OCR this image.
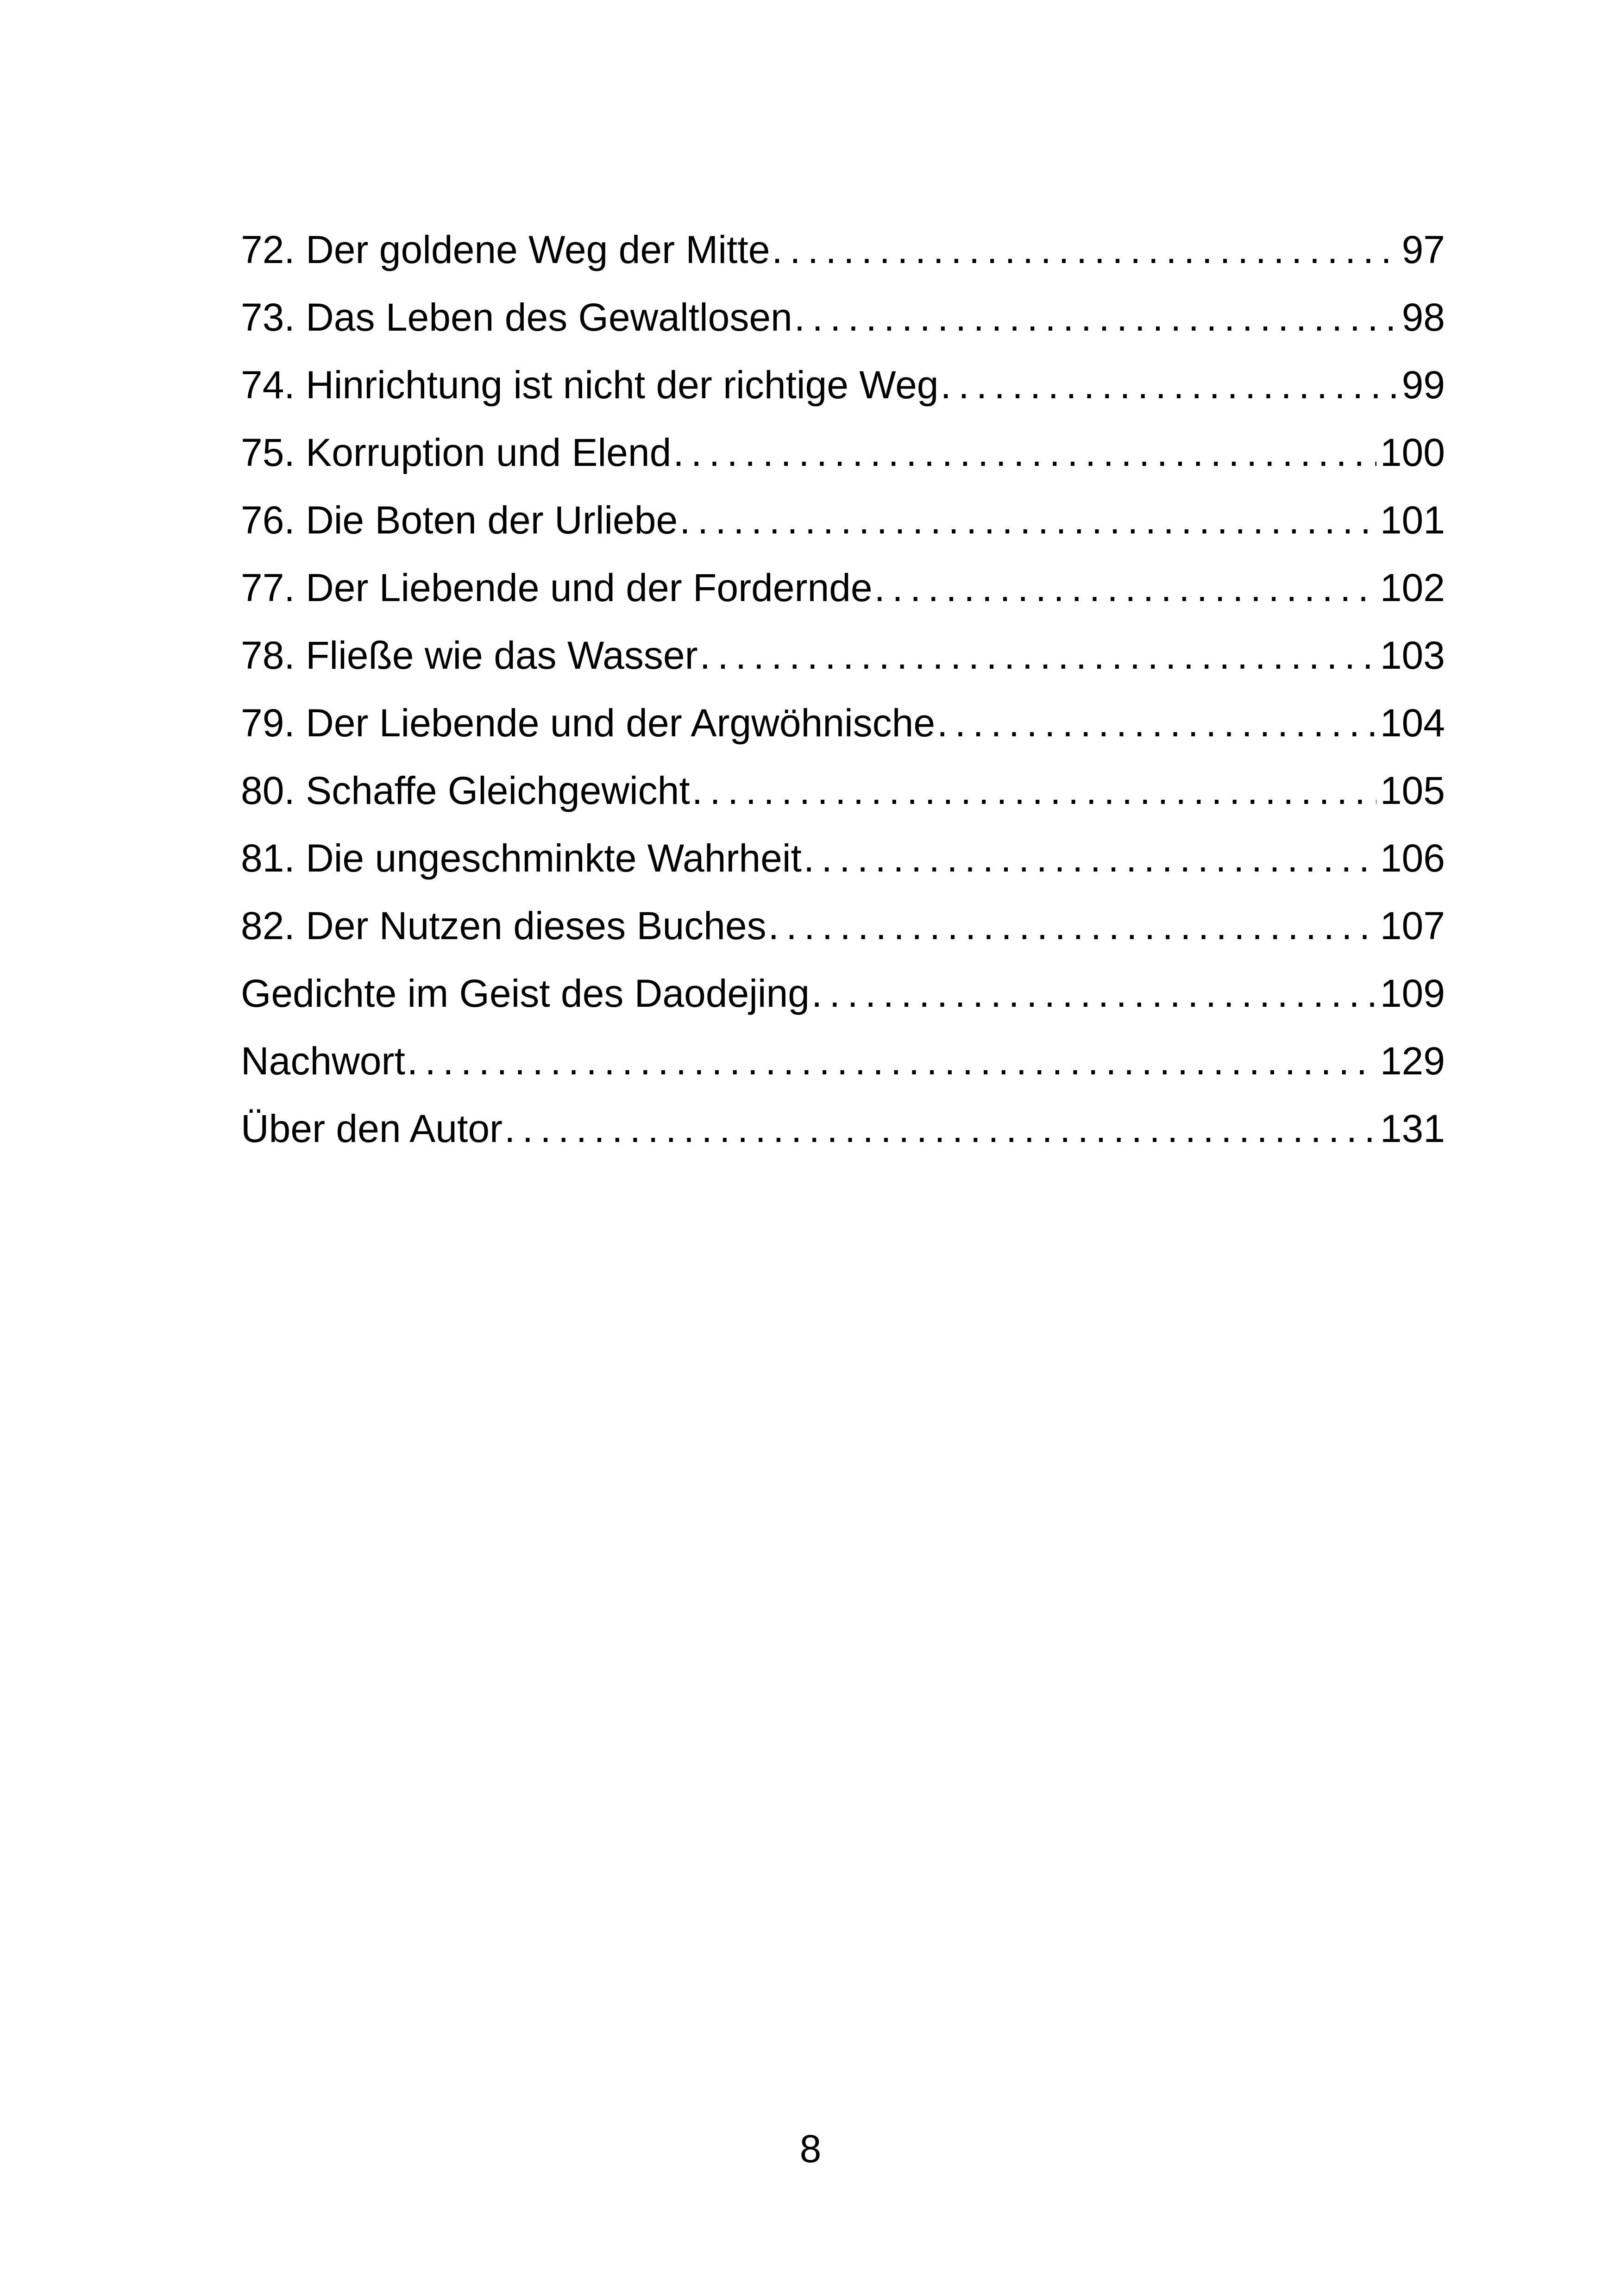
72. Der goldene Weg der Mitte . . .	97
73. Das Leben des Gewaltlosen . . .	98
74. Hinrichtung ist nicht der richtige Weg . . .	99
75. Korruption und Elend . . .	100
76. Die Boten der Urliebe . . .	101
77. Der Liebende und der Fordernde . . .	102
78. Fließe wie das Wasser . . .	103
79. Der Liebende und der Argwöhnische . . .	104
80. Schaffe Gleichgewicht . . .	105
81. Die ungeschminkte Wahrheit . . .	106
82. Der Nutzen dieses Buches . . .	107
Gedichte im Geist des Daodejing . . .	109
Nachwort . . .	129
Über den Autor . . .	131
8
